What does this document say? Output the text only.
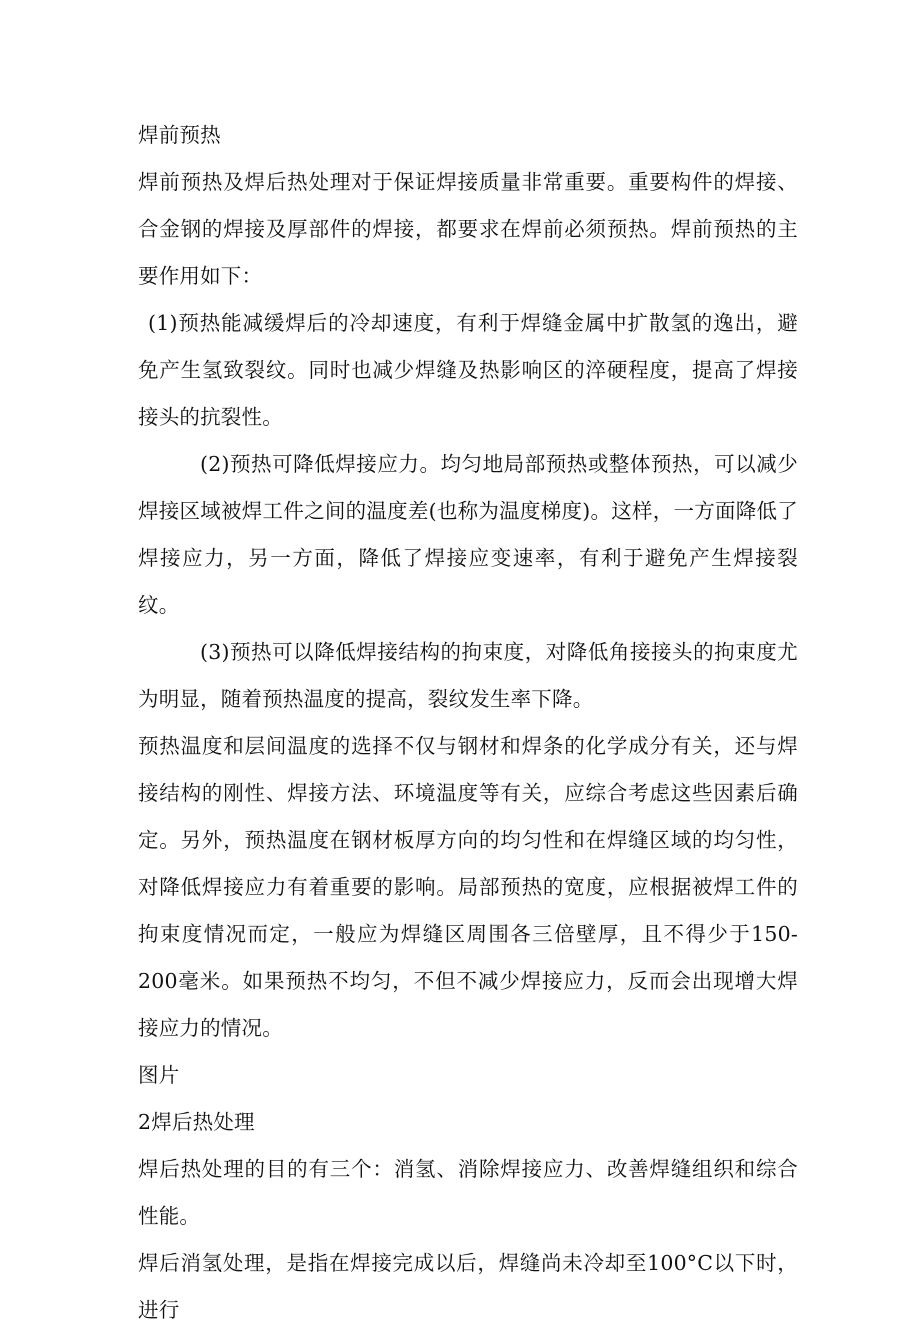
焊前预热

焊前预热及焊后热处理对于保证焊接质量非常重要。重要构件的焊接、合金钢的焊接及厚部件的焊接，都要求在焊前必须预热。焊前预热的主要作用如下：

(1)预热能减缓焊后的冷却速度，有利于焊缝金属中扩散氢的逸出，避免产生氢致裂纹。同时也减少焊缝及热影响区的淬硬程度，提高了焊接接头的抗裂性。

(2)预热可降低焊接应力。均匀地局部预热或整体预热，可以减少焊接区域被焊工件之间的温度差(也称为温度梯度)。这样，一方面降低了焊接应力，另一方面，降低了焊接应变速率，有利于避免产生焊接裂纹。

(3)预热可以降低焊接结构的拘束度，对降低角接接头的拘束度尤为明显，随着预热温度的提高，裂纹发生率下降。

预热温度和层间温度的选择不仅与钢材和焊条的化学成分有关，还与焊接结构的刚性、焊接方法、环境温度等有关，应综合考虑这些因素后确定。另外，预热温度在钢材板厚方向的均匀性和在焊缝区域的均匀性，对降低焊接应力有着重要的影响。局部预热的宽度，应根据被焊工件的拘束度情况而定，一般应为焊缝区周围各三倍壁厚，且不得少于150-200毫米。如果预热不均匀，不但不减少焊接应力，反而会出现增大焊接应力的情况。

图片

2焊后热处理

焊后热处理的目的有三个：消氢、消除焊接应力、改善焊缝组织和综合性能。

焊后消氢处理，是指在焊接完成以后，焊缝尚未冷却至100°C以下时，进行
